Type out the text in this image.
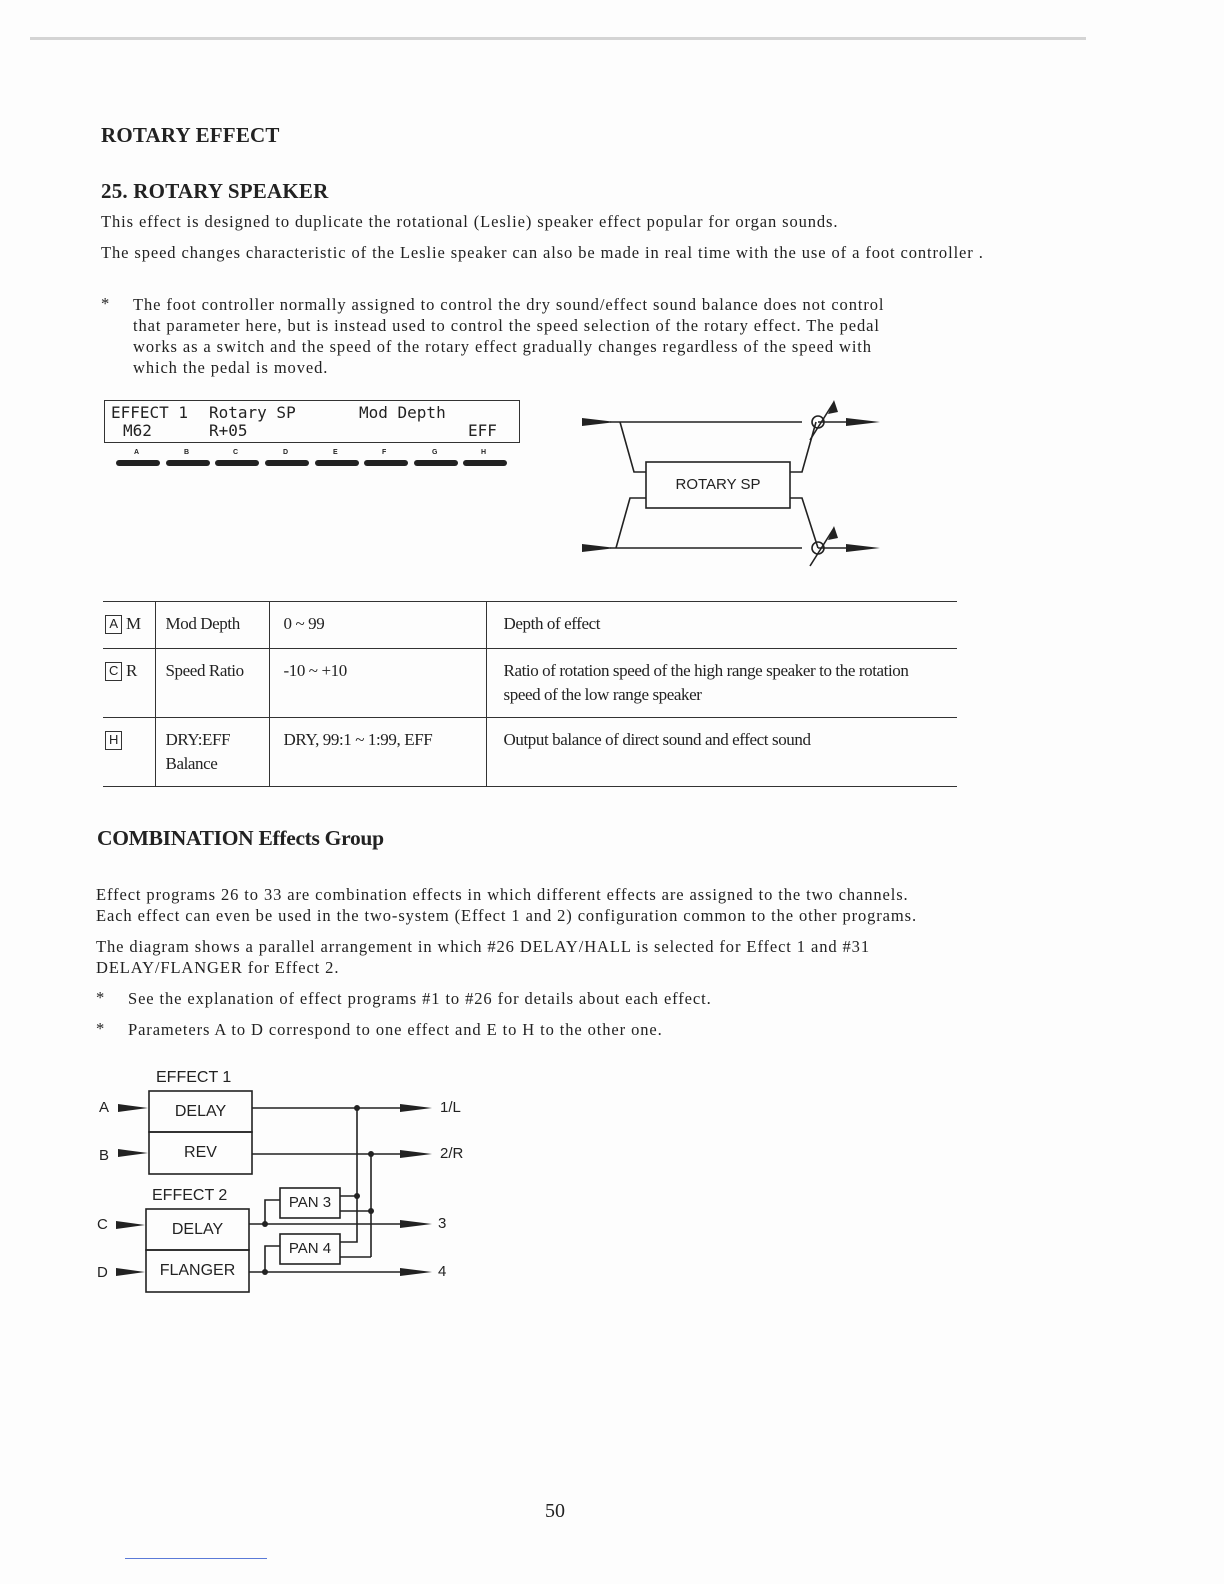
ROTARY EFFECT
25. ROTARY SPEAKER
This effect is designed to duplicate the rotational (Leslie) speaker effect popular for organ sounds.
The speed changes characteristic of the Leslie speaker can also be made in real time with the use of a foot controller .
* The foot controller normally assigned to control the dry sound/effect sound balance does not control
that parameter here, but is instead used to control the speed selection of the rotary effect. The pedal
works as a switch and the speed of the rotary effect gradually changes regardless of the speed with
which the pedal is moved.
EFFECT 1 Rotary SP	Mod Depth
M62	R+05	EFF
A	B	C	D	E	F	G	H
ROTARY SP
A M	Mod Depth	0 ~ 99	Depth of effect
C R	Speed Ratio	-10 ~ +10	Ratio of rotation speed of the high range speaker to the rotation speed of the low range speaker
H	DRY:EFF Balance	DRY, 99:1 ~ 1:99, EFF	Output balance of direct sound and effect sound
COMBINATION Effects Group
Effect programs 26 to 33 are combination effects in which different effects are assigned to the two channels.
Each effect can even be used in the two-system (Effect 1 and 2) configuration common to the other programs.
The diagram shows a parallel arrangement in which #26 DELAY/HALL is selected for Effect 1 and #31
DELAY/FLANGER for Effect 2.
* See the explanation of effect programs #1 to #26 for details about each effect.
* Parameters A to D correspond to one effect and E to H to the other one.
EFFECT 1
EFFECT 2
DELAY
REV
DELAY
FLANGER
PAN 3
PAN 4
A
B
C
D
1/L
2/R
3
4
50
